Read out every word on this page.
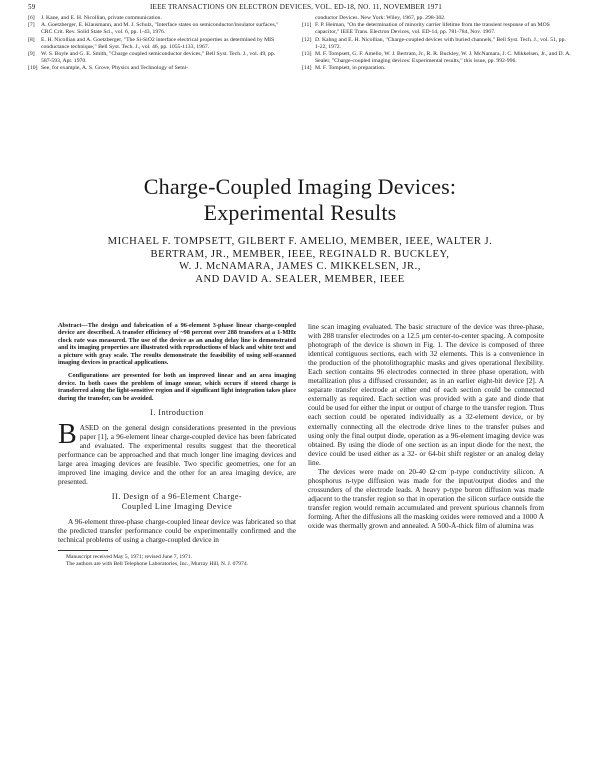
59	IEEE TRANSACTIONS ON ELECTRON DEVICES, VOL. ED-18, NO. 11, NOVEMBER 1971
[6]	J. Kane, and E. H. Nicollian, private communication.
[7]	A. Goetzberger, E. Klausmann, and M. J. Schulz, "Interface states on semiconductor/insulator surfaces," CRC Crit. Rev. Solid State Sci., vol. 6, pp. 1-43, 1976.
[8]	E. H. Nicollian and A. Goetzberger, "The Si-SiO2 interface electrical properties as determined by MIS conductance technique," Bell Syst. Tech. J., vol. 46, pp. 1055-1133, 1967.
[9]	W. S. Boyle and G. E. Smith, "Charge coupled semiconductor devices," Bell Syst. Tech. J., vol. 49, pp. 587-593, Apr. 1970.
[10] See, for example, A. S. Grove, Physics and Technology of Semi-
conductor Devices. New York: Wiley, 1967, pp. 298-302.
[11] F. P. Heiman, "On the determination of minority carrier lifetime from the transient response of an MOS capacitor," IEEE Trans. Electron Devices, vol. ED-14, pp. 781-784, Nov. 1967.
[12] D. Kahng and E. H. Nicollian, "Charge-coupled devices with buried channels," Bell Syst. Tech. J., vol. 51, pp. 1-22, 1972.
[13] M. F. Tompsett, G. F. Amelio, W. J. Bertram, Jr., R. R. Buckley, W. J. McNamara, J. C. Mikkelsen, Jr., and D. A. Sealer, "Charge-coupled imaging devices: Experimental results," this issue, pp. 992-996.
[14] M. F. Tompsett, in preparation.
Charge-Coupled Imaging Devices:
Experimental Results
MICHAEL F. TOMPSETT, GILBERT F. AMELIO, MEMBER, IEEE, WALTER J.
BERTRAM, JR., MEMBER, IEEE, REGINALD R. BUCKLEY,
W. J. McNAMARA, JAMES C. MIKKELSEN, JR.,
AND DAVID A. SEALER, MEMBER, IEEE

Abstract—The design and fabrication of a 96-element 3-phase linear charge-coupled device are described. A transfer efficiency of ~98 percent over 288 transfers at a 1-MHz clock rate was measured. The use of the device as an analog delay line is demonstrated and its imaging properties are illustrated with reproductions of black and white text and a picture with gray scale. The results demonstrate the feasibility of using self-scanned imaging devices in practical applications.

Configurations are presented for both an improved linear and an area imaging device. In both cases the problem of image smear, which occurs if stored charge is transferred along the light-sensitive region and if significant light integration takes place during the transfer, can be avoided.

I. Introduction

BASED on the general design considerations presented in the previous paper [1], a 96-element linear charge-coupled device has been fabricated and evaluated. The experimental results suggest that the theoretical performance can be approached and that much longer line imaging devices and large area imaging devices are feasible. Two specific geometries, one for an improved line imaging device and the other for an area imaging device, are presented.

II. Design of a 96-Element Charge-
Coupled Line Imaging Device

A 96-element three-phase charge-coupled linear device was fabricated so that the predicted transfer performance could be experimentally confirmed and the technical problems of using a charge-coupled device in

Manuscript received May 5, 1971; revised June 7, 1971.

The authors are with Bell Telephone Laboratories, Inc., Murray Hill, N. J. 07974.

line scan imaging evaluated. The basic structure of the device was three-phase, with 288 transfer electrodes on a 12.5 μm center-to-center spacing. A composite photograph of the device is shown in Fig. 1. The device is composed of three identical contiguous sections, each with 32 elements. This is a convenience in the production of the photolithographic masks and gives operational flexibility. Each section contains 96 electrodes connected in three phase operation, with metallization plus a diffused crossunder, as in an earlier eight-bit device [2]. A separate transfer electrode at either end of each section could be connected externally as required. Each section was provided with a gate and diode that could be used for either the input or output of charge to the transfer region. Thus each section could be operated individually as a 32-element device, or by externally connecting all the electrode drive lines to the transfer pulses and using only the final output diode, operation as a 96-element imaging device was obtained. By using the diode of one section as an input diode for the next, the device could be used either as a 32- or 64-bit shift register or an analog delay line.

The devices were made on 20-40 Ω·cm p-type conductivity silicon. A phosphorus n-type diffusion was made for the input/output diodes and the crossunders of the electrode leads. A heavy p-type boron diffusion was made adjacent to the transfer region so that in operation the silicon surface outside the transfer region would remain accumulated and prevent spurious channels from forming. After the diffusions all the masking oxides were removed and a 1000 Å oxide was thermally grown and annealed. A 500-Å-thick film of alumina was
